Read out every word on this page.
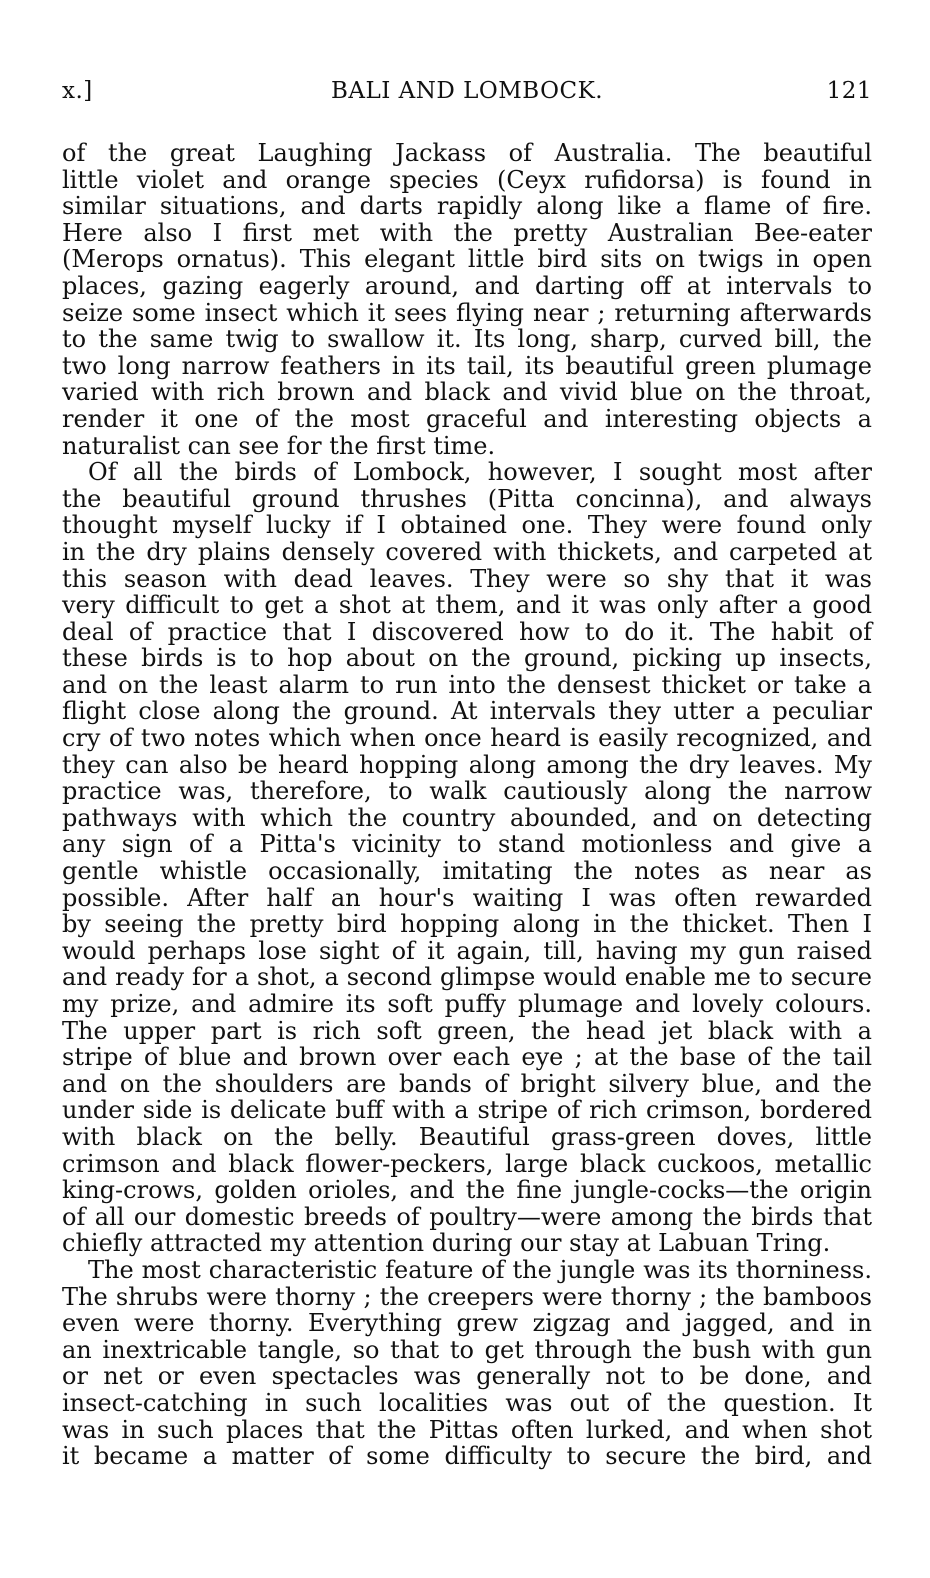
x.]	BALI AND LOMBOCK.	121
of the great Laughing Jackass of Australia. The beautiful
little violet and orange species (Ceyx rufidorsa) is found in
similar situations, and darts rapidly along like a flame of fire.
Here also I first met with the pretty Australian Bee-eater
(Merops ornatus). This elegant little bird sits on twigs in open
places, gazing eagerly around, and darting off at intervals to
seize some insect which it sees flying near ; returning afterwards
to the same twig to swallow it. Its long, sharp, curved bill, the
two long narrow feathers in its tail, its beautiful green plumage
varied with rich brown and black and vivid blue on the throat,
render it one of the most graceful and interesting objects a
naturalist can see for the first time.
Of all the birds of Lombock, however, I sought most after
the beautiful ground thrushes (Pitta concinna), and always
thought myself lucky if I obtained one. They were found only
in the dry plains densely covered with thickets, and carpeted at
this season with dead leaves. They were so shy that it was
very difficult to get a shot at them, and it was only after a good
deal of practice that I discovered how to do it. The habit of
these birds is to hop about on the ground, picking up insects,
and on the least alarm to run into the densest thicket or take a
flight close along the ground. At intervals they utter a peculiar
cry of two notes which when once heard is easily recognized, and
they can also be heard hopping along among the dry leaves. My
practice was, therefore, to walk cautiously along the narrow
pathways with which the country abounded, and on detecting
any sign of a Pitta's vicinity to stand motionless and give a
gentle whistle occasionally, imitating the notes as near as
possible. After half an hour's waiting I was often rewarded
by seeing the pretty bird hopping along in the thicket. Then I
would perhaps lose sight of it again, till, having my gun raised
and ready for a shot, a second glimpse would enable me to secure
my prize, and admire its soft puffy plumage and lovely colours.
The upper part is rich soft green, the head jet black with a
stripe of blue and brown over each eye ; at the base of the tail
and on the shoulders are bands of bright silvery blue, and the
under side is delicate buff with a stripe of rich crimson, bordered
with black on the belly. Beautiful grass-green doves, little
crimson and black flower-peckers, large black cuckoos, metallic
king-crows, golden orioles, and the fine jungle-cocks—the origin
of all our domestic breeds of poultry—were among the birds that
chiefly attracted my attention during our stay at Labuan Tring.
The most characteristic feature of the jungle was its thorniness.
The shrubs were thorny ; the creepers were thorny ; the bamboos
even were thorny. Everything grew zigzag and jagged, and in
an inextricable tangle, so that to get through the bush with gun
or net or even spectacles was generally not to be done, and
insect-catching in such localities was out of the question. It
was in such places that the Pittas often lurked, and when shot
it became a matter of some difficulty to secure the bird, and
